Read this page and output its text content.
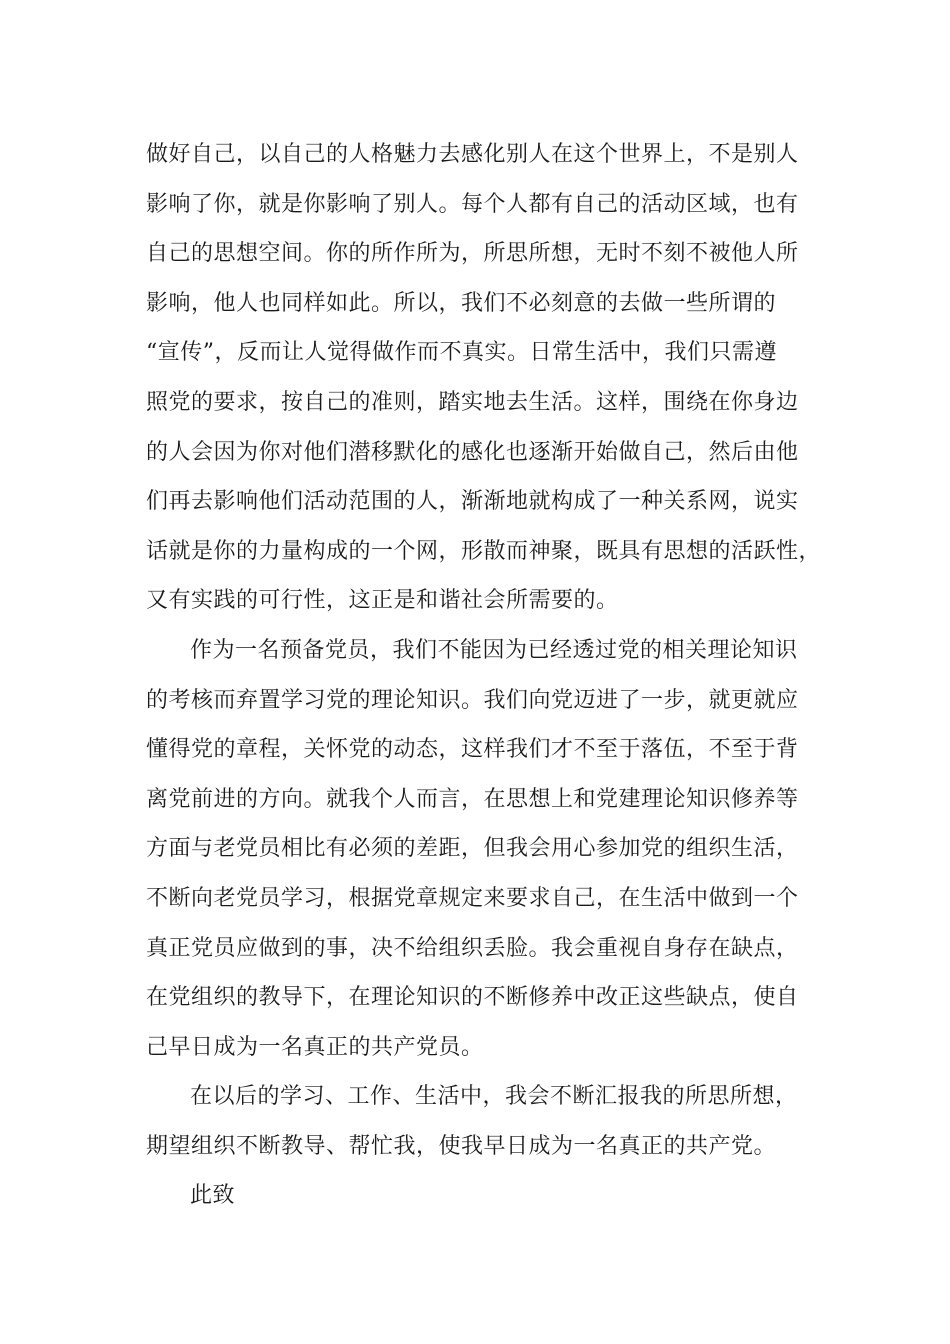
做好自己，以自己的人格魅力去感化别人在这个世界上，不是别人
影响了你，就是你影响了别人。每个人都有自己的活动区域，也有
自己的思想空间。你的所作所为，所思所想，无时不刻不被他人所
影响，他人也同样如此。所以，我们不必刻意的去做一些所谓的
“宣传”，反而让人觉得做作而不真实。日常生活中，我们只需遵
照党的要求，按自己的准则，踏实地去生活。这样，围绕在你身边
的人会因为你对他们潜移默化的感化也逐渐开始做自己，然后由他
们再去影响他们活动范围的人，渐渐地就构成了一种关系网，说实
话就是你的力量构成的一个网，形散而神聚，既具有思想的活跃性，
又有实践的可行性，这正是和谐社会所需要的。
作为一名预备党员，我们不能因为已经透过党的相关理论知识
的考核而弃置学习党的理论知识。我们向党迈进了一步，就更就应
懂得党的章程，关怀党的动态，这样我们才不至于落伍，不至于背
离党前进的方向。就我个人而言，在思想上和党建理论知识修养等
方面与老党员相比有必须的差距，但我会用心参加党的组织生活，
不断向老党员学习，根据党章规定来要求自己，在生活中做到一个
真正党员应做到的事，决不给组织丢脸。我会重视自身存在缺点，
在党组织的教导下，在理论知识的不断修养中改正这些缺点，使自
己早日成为一名真正的共产党员。
在以后的学习、工作、生活中，我会不断汇报我的所思所想，
期望组织不断教导、帮忙我，使我早日成为一名真正的共产党。
此致
